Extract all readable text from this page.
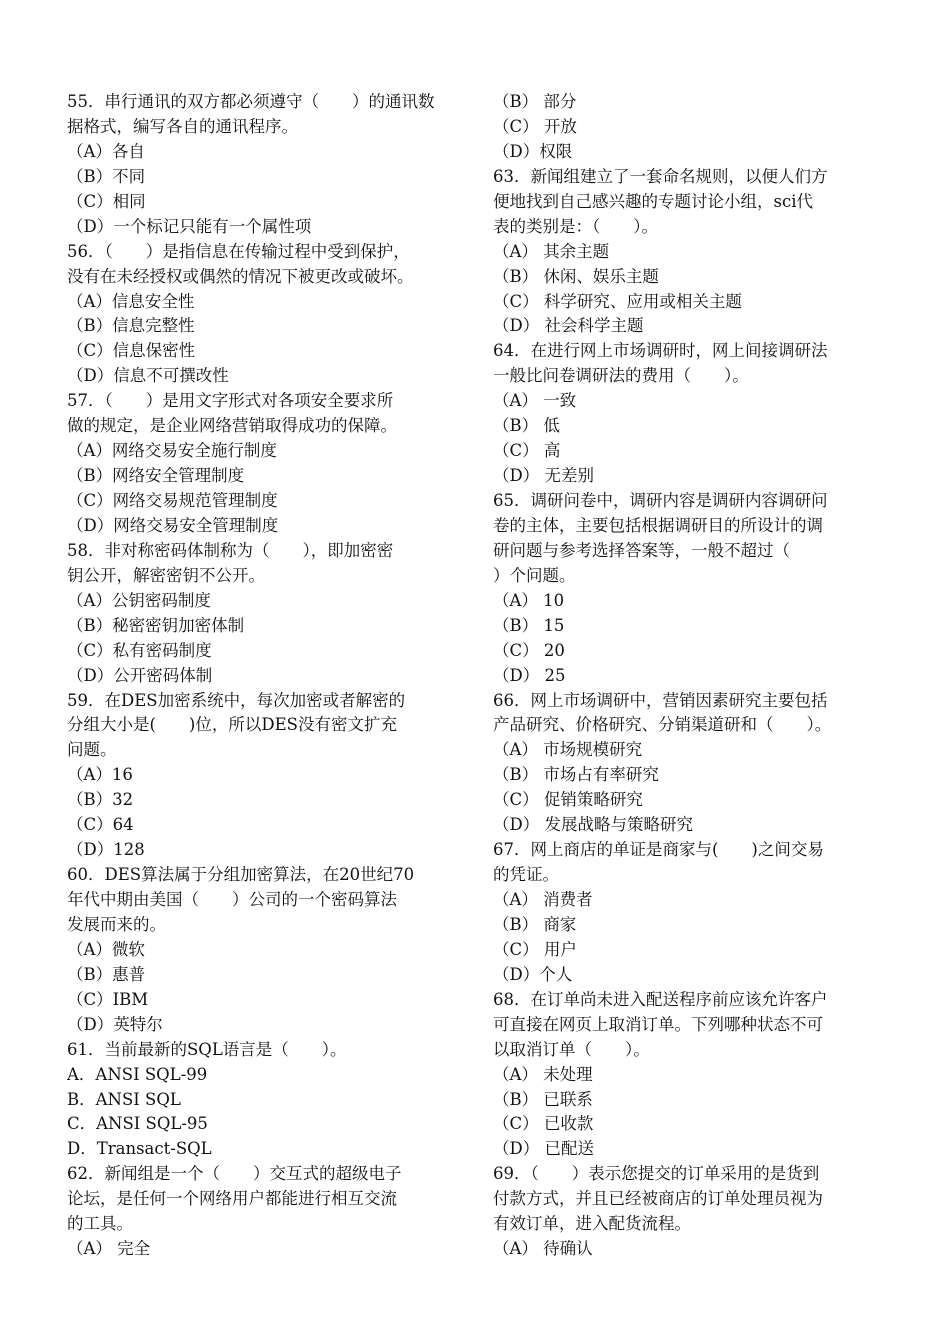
55．串行通讯的双方都必须遵守（　　）的通讯数
据格式，编写各自的通讯程序。
（A）各自
（B）不同
（C）相同
（D）一个标记只能有一个属性项
56．（　　）是指信息在传输过程中受到保护，
没有在未经授权或偶然的情况下被更改或破坏。
（A）信息安全性
（B）信息完整性
（C）信息保密性
（D）信息不可撰改性
57．（　　）是用文字形式对各项安全要求所
做的规定，是企业网络营销取得成功的保障。
（A）网络交易安全施行制度
（B）网络安全管理制度
（C）网络交易规范管理制度
（D）网络交易安全管理制度
58．非对称密码体制称为（　　），即加密密
钥公开，解密密钥不公开。
（A）公钥密码制度
（B）秘密密钥加密体制
（C）私有密码制度
（D）公开密码体制
59．在DES加密系统中，每次加密或者解密的
分组大小是(　　)位，所以DES没有密文扩充
问题。
（A）16
（B）32
（C）64
（D）128
60．DES算法属于分组加密算法，在20世纪70
年代中期由美国（　　）公司的一个密码算法
发展而来的。
（A）微软
（B）惠普
（C）IBM
（D）英特尔
61．当前最新的SQL语言是（　　）。
A．ANSI SQL-99
B．ANSI SQL
C．ANSI SQL-95
D．Transact-SQL
62．新闻组是一个（　　）交互式的超级电子
论坛，是任何一个网络用户都能进行相互交流
的工具。
（A） 完全
（B） 部分
（C） 开放
（D）权限
63．新闻组建立了一套命名规则，以便人们方
便地找到自己感兴趣的专题讨论小组，sci代
表的类别是：（　　）。
（A） 其余主题
（B） 休闲、娱乐主题
（C） 科学研究、应用或相关主题
（D） 社会科学主题
64．在进行网上市场调研时，网上间接调研法
一般比问卷调研法的费用（　　）。
（A） 一致
（B） 低
（C） 高
（D） 无差别
65．调研问卷中，调研内容是调研内容调研问
卷的主体，主要包括根据调研目的所设计的调
研问题与参考选择答案等，一般不超过（
）个问题。
（A） 10
（B） 15
（C） 20
（D） 25
66．网上市场调研中，营销因素研究主要包括
产品研究、价格研究、分销渠道研和（　　）。
（A） 市场规模研究
（B） 市场占有率研究
（C） 促销策略研究
（D） 发展战略与策略研究
67．网上商店的单证是商家与(　　)之间交易
的凭证。
（A） 消费者
（B） 商家
（C） 用户
（D）个人
68．在订单尚未进入配送程序前应该允许客户
可直接在网页上取消订单。下列哪种状态不可
以取消订单（　　）。
（A） 未处理
（B） 已联系
（C） 已收款
（D） 已配送
69．（　　）表示您提交的订单采用的是货到
付款方式，并且已经被商店的订单处理员视为
有效订单，进入配货流程。
（A） 待确认
